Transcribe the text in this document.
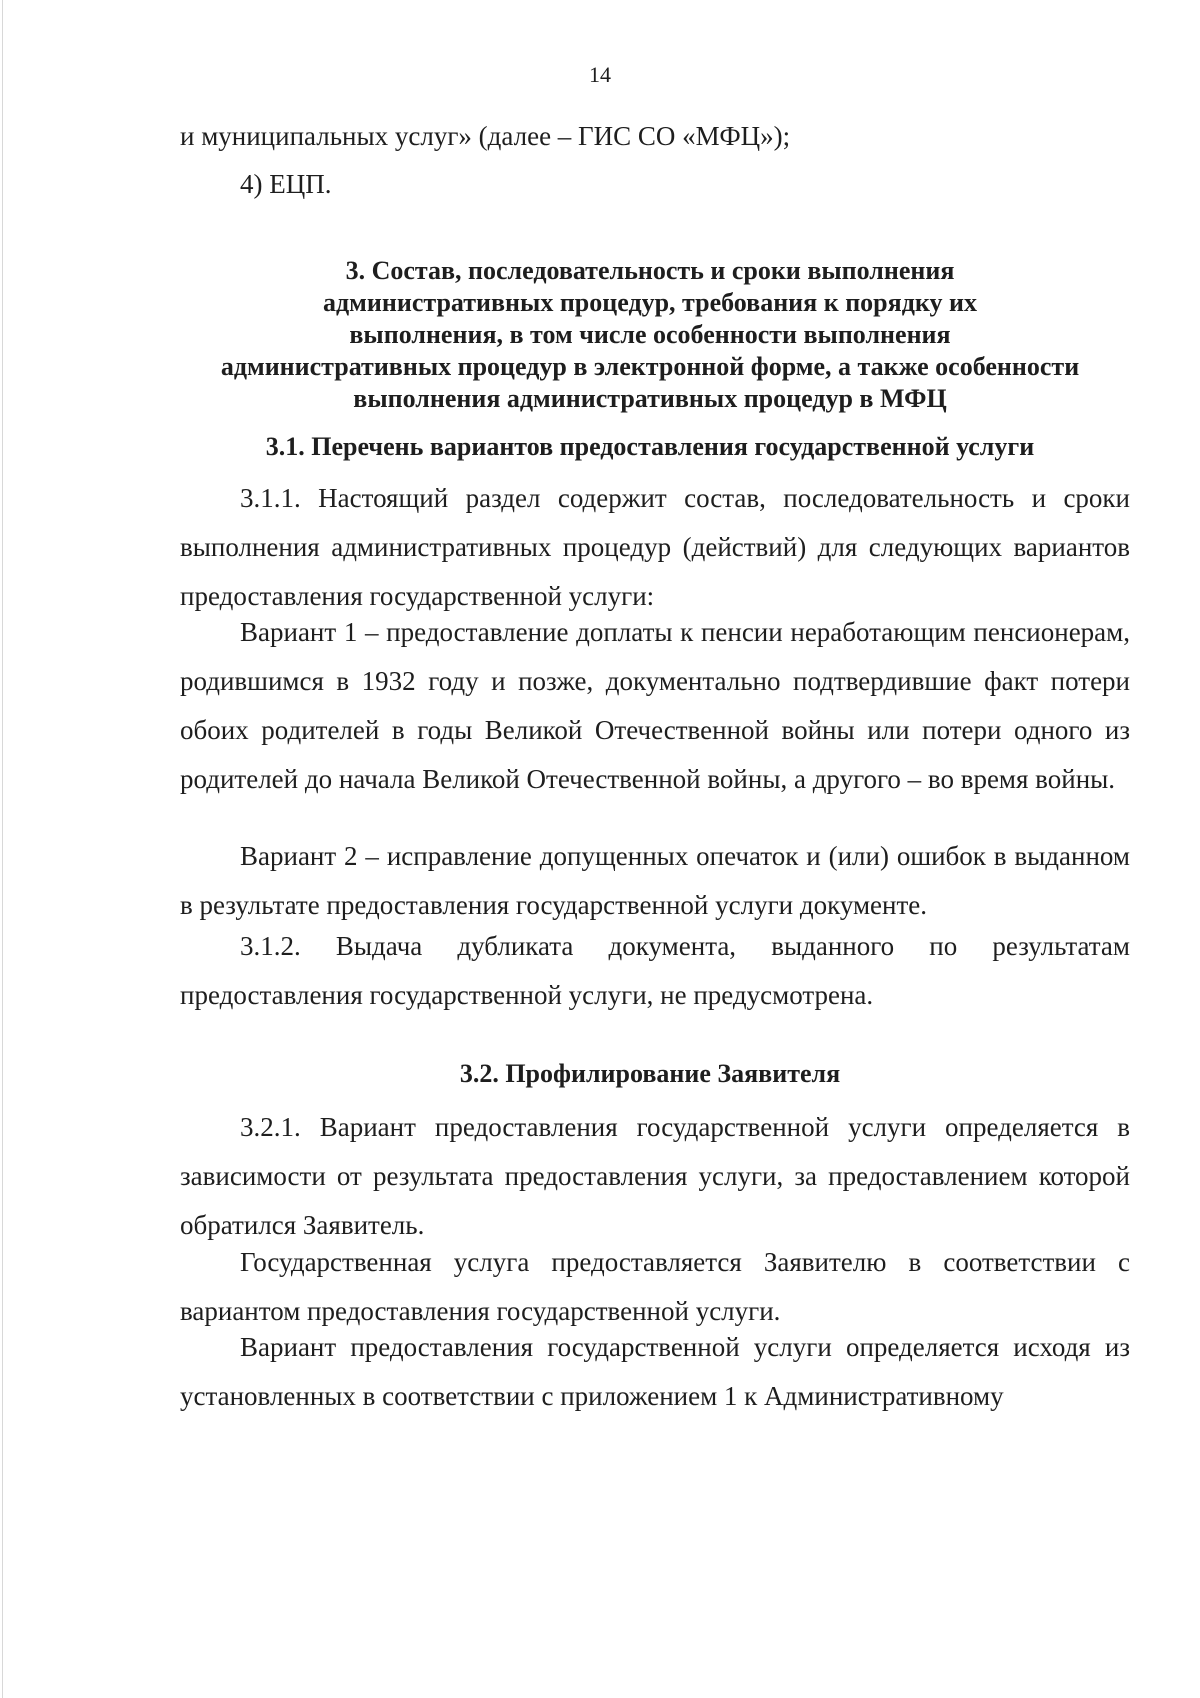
14
и муниципальных услуг» (далее – ГИС СО «МФЦ»);
4) ЕЦП.
3. Состав, последовательность и сроки выполнения
административных процедур, требования к порядку их
выполнения, в том числе особенности выполнения
административных процедур в электронной форме, а также особенности
выполнения административных процедур в МФЦ
3.1. Перечень вариантов предоставления государственной услуги
3.1.1. Настоящий раздел содержит состав, последовательность и сроки выполнения административных процедур (действий) для следующих вариантов предоставления государственной услуги:
Вариант 1 – предоставление доплаты к пенсии неработающим пенсионерам, родившимся в 1932 году и позже, документально подтвердившие факт потери обоих родителей в годы Великой Отечественной войны или потери одного из родителей до начала Великой Отечественной войны, а другого – во время войны.
Вариант 2 – исправление допущенных опечаток и (или) ошибок в выданном в результате предоставления государственной услуги документе.
3.1.2. Выдача дубликата документа, выданного по результатам предоставления государственной услуги, не предусмотрена.
3.2. Профилирование Заявителя
3.2.1. Вариант предоставления государственной услуги определяется в зависимости от результата предоставления услуги, за предоставлением которой обратился Заявитель.
Государственная услуга предоставляется Заявителю в соответствии с вариантом предоставления государственной услуги.
Вариант предоставления государственной услуги определяется исходя из установленных в соответствии с приложением 1 к Административному
